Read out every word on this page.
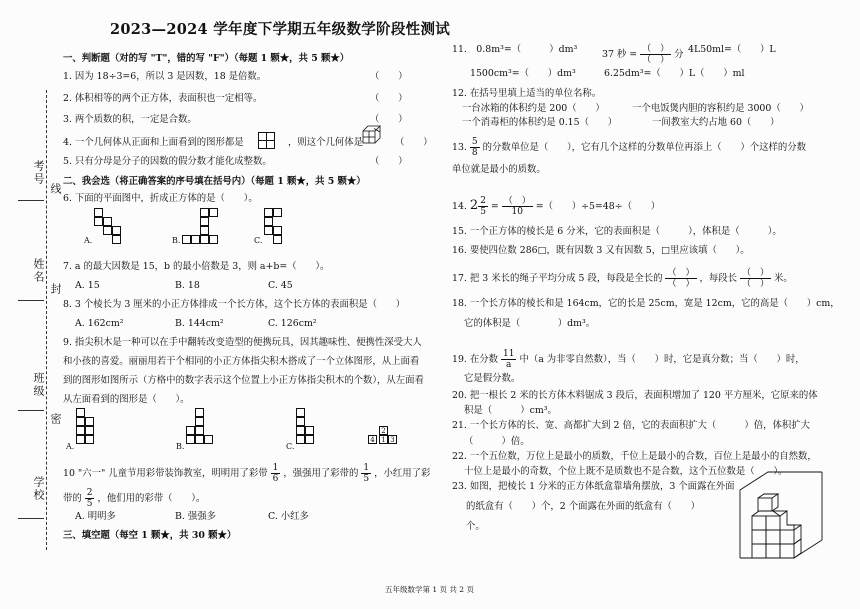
考号
线
姓名
封
班级
密
学校
2023—2024 学年度下学期五年级数学阶段性测试
一、判断题（对的写 "T"，错的写 "F"）（每题 1 颗★，共 5 颗★）
1. 因为 18÷3=6，所以 3 是因数，18 是倍数。	（　　）
2. 体积相等的两个正方体，表面积也一定相等。	（　　）
3. 两个质数的积，一定是合数。	（　　）
4. 一个几何体从正面和上面看到的图形都是	，则这个几何体是	（　　）
5. 只有分母是分子的因数的假分数才能化成整数。	（　　）
二、我会选（将正确答案的序号填在括号内）（每题 1 颗★，共 5 颗★）
6. 下面的平面图中，折成正方体的是（　　）。
A.	B.	C.
7. a 的最大因数是 15，b 的最小倍数是 3，则 a+b=（　　）。
A. 15	B. 18	C. 45
8. 3 个棱长为 3 厘米的小正方体排成一个长方体，这个长方体的表面积是（　　）
A. 162cm²	B. 144cm²	C. 126cm²
9. 指尖积木是一种可以在手中翻转改变造型的便携玩具，因其趣味性、便携性深受大人
和小孩的喜爱。丽丽用若干个相同的小正方体指尖积木搭成了一个立体图形，从上面看
到的图形如图所示（方格中的数字表示这个位置上小正方体指尖积木的个数），从左面看
从左面看到的图形是（　　）。
A.	B.	C.
2
4 1 3
10 "六一" 儿童节用彩带装饰教室，明明用了彩带 $\frac{1}{6}$ ，强强用了彩带的 $\frac{1}{5}$ ，小红用了彩
带的 $\frac{2}{5}$ ，他们用的彩带（　　）。
A. 明明多	B. 强强多	C. 小红多
三、填空题（每空 1 颗★，共 30 颗★）
11.　0.8m³=（　　　）dm³	37 秒 = $\frac{( )}{( )}$ 分 4L50ml=（　　）L
1500cm³=（　　）dm³	6.25dm³=（　　）L（　　）ml
12. 在括号里填上适当的单位名称。
一台冰箱的体积约是 200（　　）	一个电饭煲内胆的容积约是 3000（　　）
一个消毒柜的体积约是 0.15（　　）	一间教室大约占地 60（　　）
13. $\frac{5}{8}$ 的分数单位是（　　），它有几个这样的分数单位再添上（　　）个这样的分数
单位就是最小的质数。
14. $2 \frac{2}{5} = \frac{( )}{10}$ =（　　）÷5=48÷（　　）
15. 一个正方体的棱长是 6 分米，它的表面积是（　　　），体积是（　　　）。
16. 要使四位数 286□，既有因数 3 又有因数 5，□里应该填（　　）。
17. 把 3 米长的绳子平均分成 5 段，每段是全长的 $\frac{( )}{( )}$ ，每段长 $\frac{( )}{( )}$ 米。
18. 一个长方体的棱长和是 164cm，它的长是 25cm，宽是 12cm，它的高是（　　）cm，
它的体积是（　　　　）dm³。
19. 在分数 $\frac{11}{a}$ 中（a 为非零自然数），当（　　）时，它是真分数；当（　　）时，
它是假分数。
20. 把一根长 2 米的长方体木料锯成 3 段后，表面积增加了 120 平方厘米，它原来的体
积是（　　　）cm³。
21. 一个长方体的长、宽、高都扩大到 2 倍，它的表面积扩大（　　　）倍，体积扩大
（　　　）倍。
22. 一个五位数，万位上是最小的质数，千位上是最小的合数，百位上是最小的自然数，
十位上是最小的奇数，个位上既不是质数也不是合数，这个五位数是（　　）。
23. 如图，把棱长 1 分米的正方体纸盒靠墙角摆放，3 个面露在外面
的纸盒有（　　）个，2 个面露在外面的纸盒有（　　）
个。
五年级数学第 1 页 共 2 页
